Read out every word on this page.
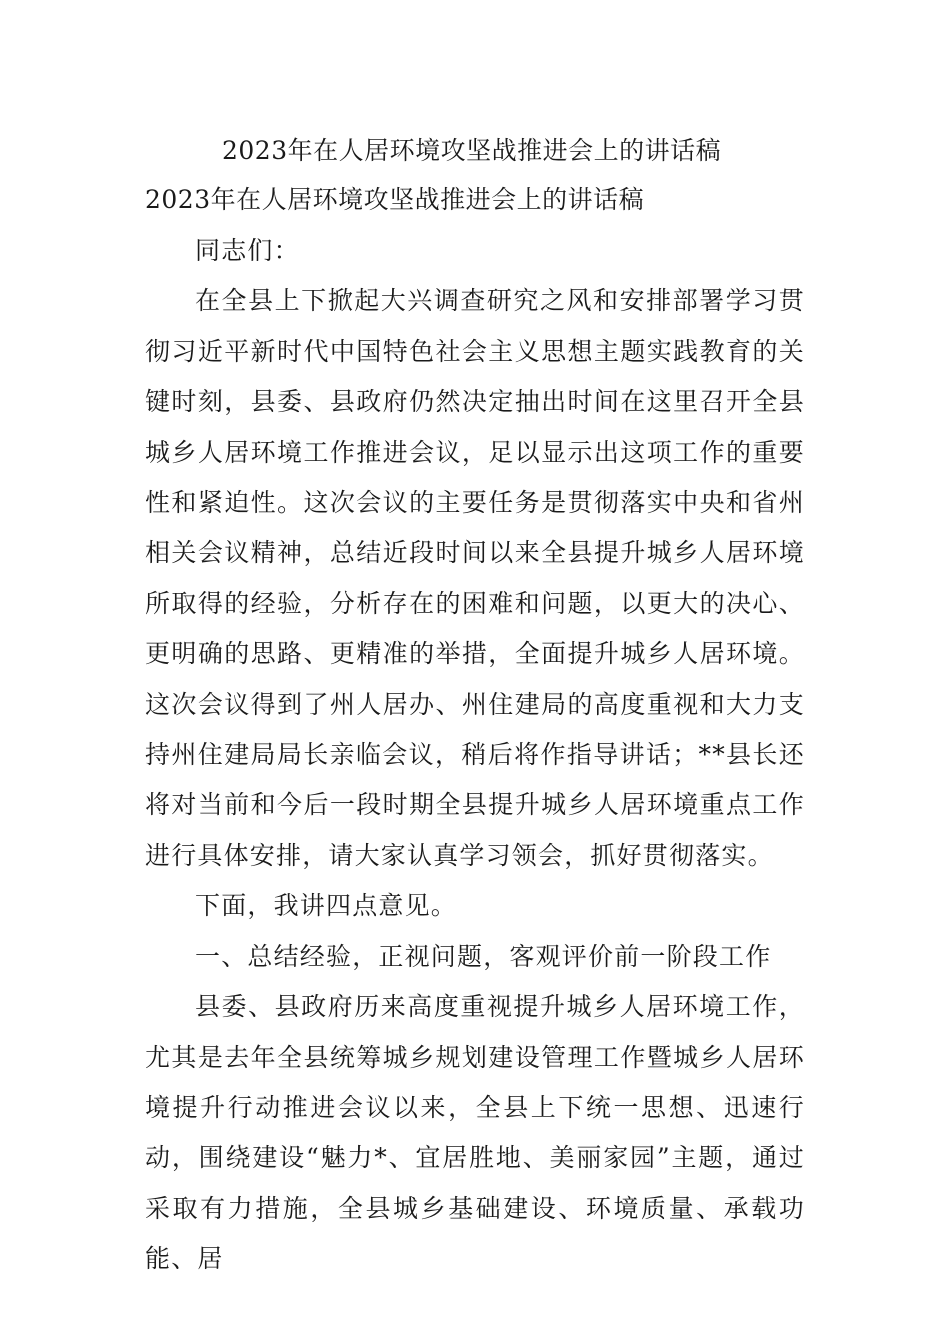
2023年在人居环境攻坚战推进会上的讲话稿
2023年在人居环境攻坚战推进会上的讲话稿

同志们：

在全县上下掀起大兴调查研究之风和安排部署学习贯彻习近平新时代中国特色社会主义思想主题实践教育的关键时刻，县委、县政府仍然决定抽出时间在这里召开全县城乡人居环境工作推进会议，足以显示出这项工作的重要性和紧迫性。这次会议的主要任务是贯彻落实中央和省州相关会议精神，总结近段时间以来全县提升城乡人居环境所取得的经验，分析存在的困难和问题，以更大的决心、更明确的思路、更精准的举措，全面提升城乡人居环境。这次会议得到了州人居办、州住建局的高度重视和大力支持州住建局局长亲临会议，稍后将作指导讲话；**县长还将对当前和今后一段时期全县提升城乡人居环境重点工作进行具体安排，请大家认真学习领会，抓好贯彻落实。

下面，我讲四点意见。

一、总结经验，正视问题，客观评价前一阶段工作

县委、县政府历来高度重视提升城乡人居环境工作，尤其是去年全县统筹城乡规划建设管理工作暨城乡人居环境提升行动推进会议以来，全县上下统一思想、迅速行动，围绕建设“魅力*、宜居胜地、美丽家园”主题，通过采取有力措施，全县城乡基础建设、环境质量、承载功能、居
